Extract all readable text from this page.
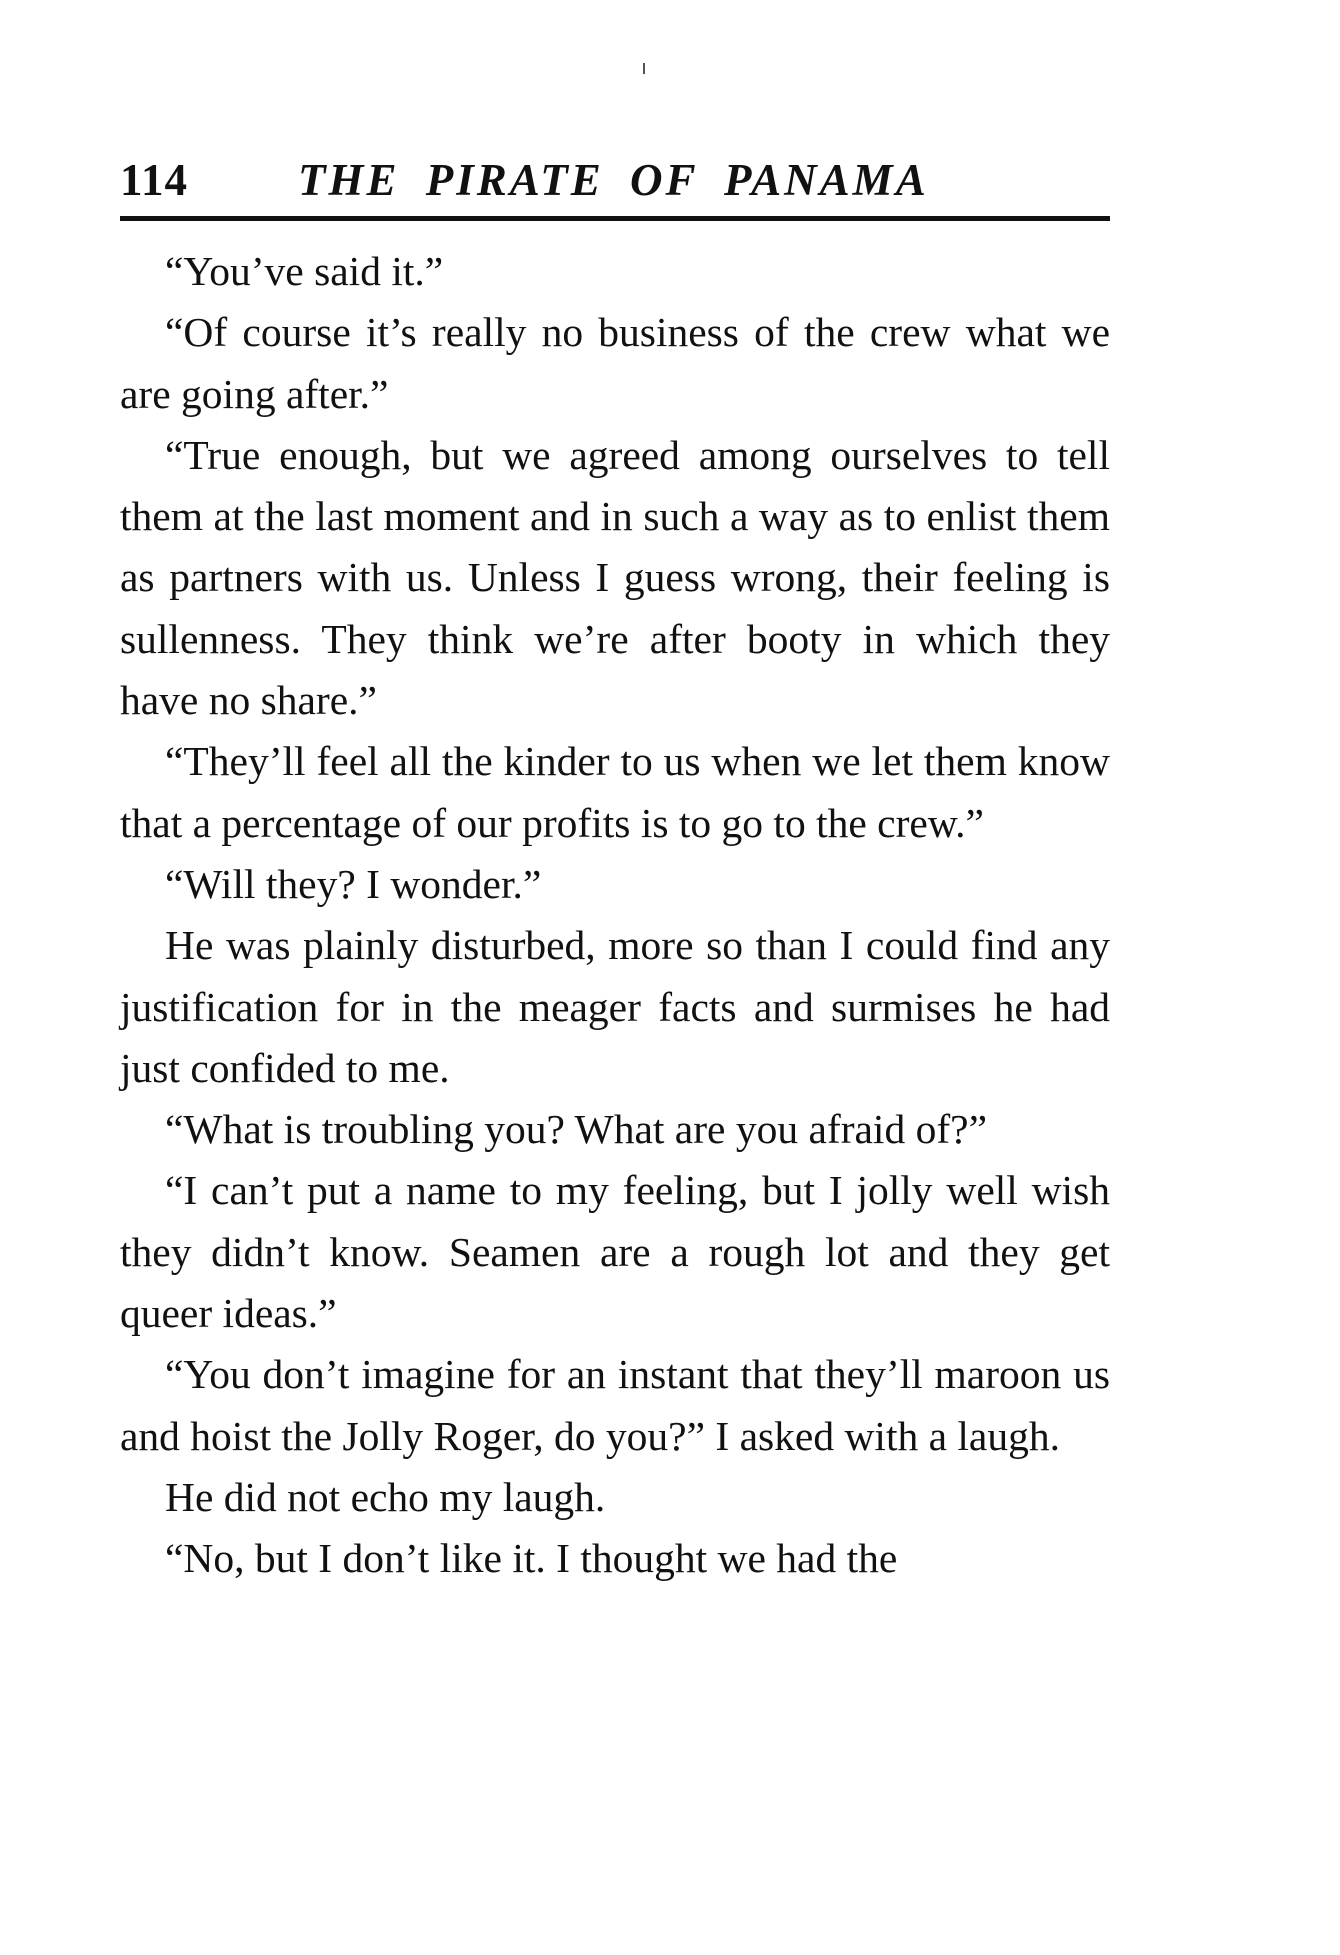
114 THE PIRATE OF PANAMA

“You’ve said it.”

“Of course it’s really no business of the crew what we are going after.”

“True enough, but we agreed among ourselves to tell them at the last moment and in such a way as to enlist them as partners with us. Unless I guess wrong, their feeling is sullenness. They think we’re after booty in which they have no share.”

“They’ll feel all the kinder to us when we let them know that a percentage of our profits is to go to the crew.”

“Will they? I wonder.”

He was plainly disturbed, more so than I could find any justification for in the meager facts and surmises he had just confided to me.

“What is troubling you? What are you afraid of?”

“I can’t put a name to my feeling, but I jolly well wish they didn’t know. Seamen are a rough lot and they get queer ideas.”

“You don’t imagine for an instant that they’ll maroon us and hoist the Jolly Roger, do you?” I asked with a laugh.

He did not echo my laugh.

“No, but I don’t like it. I thought we had the
